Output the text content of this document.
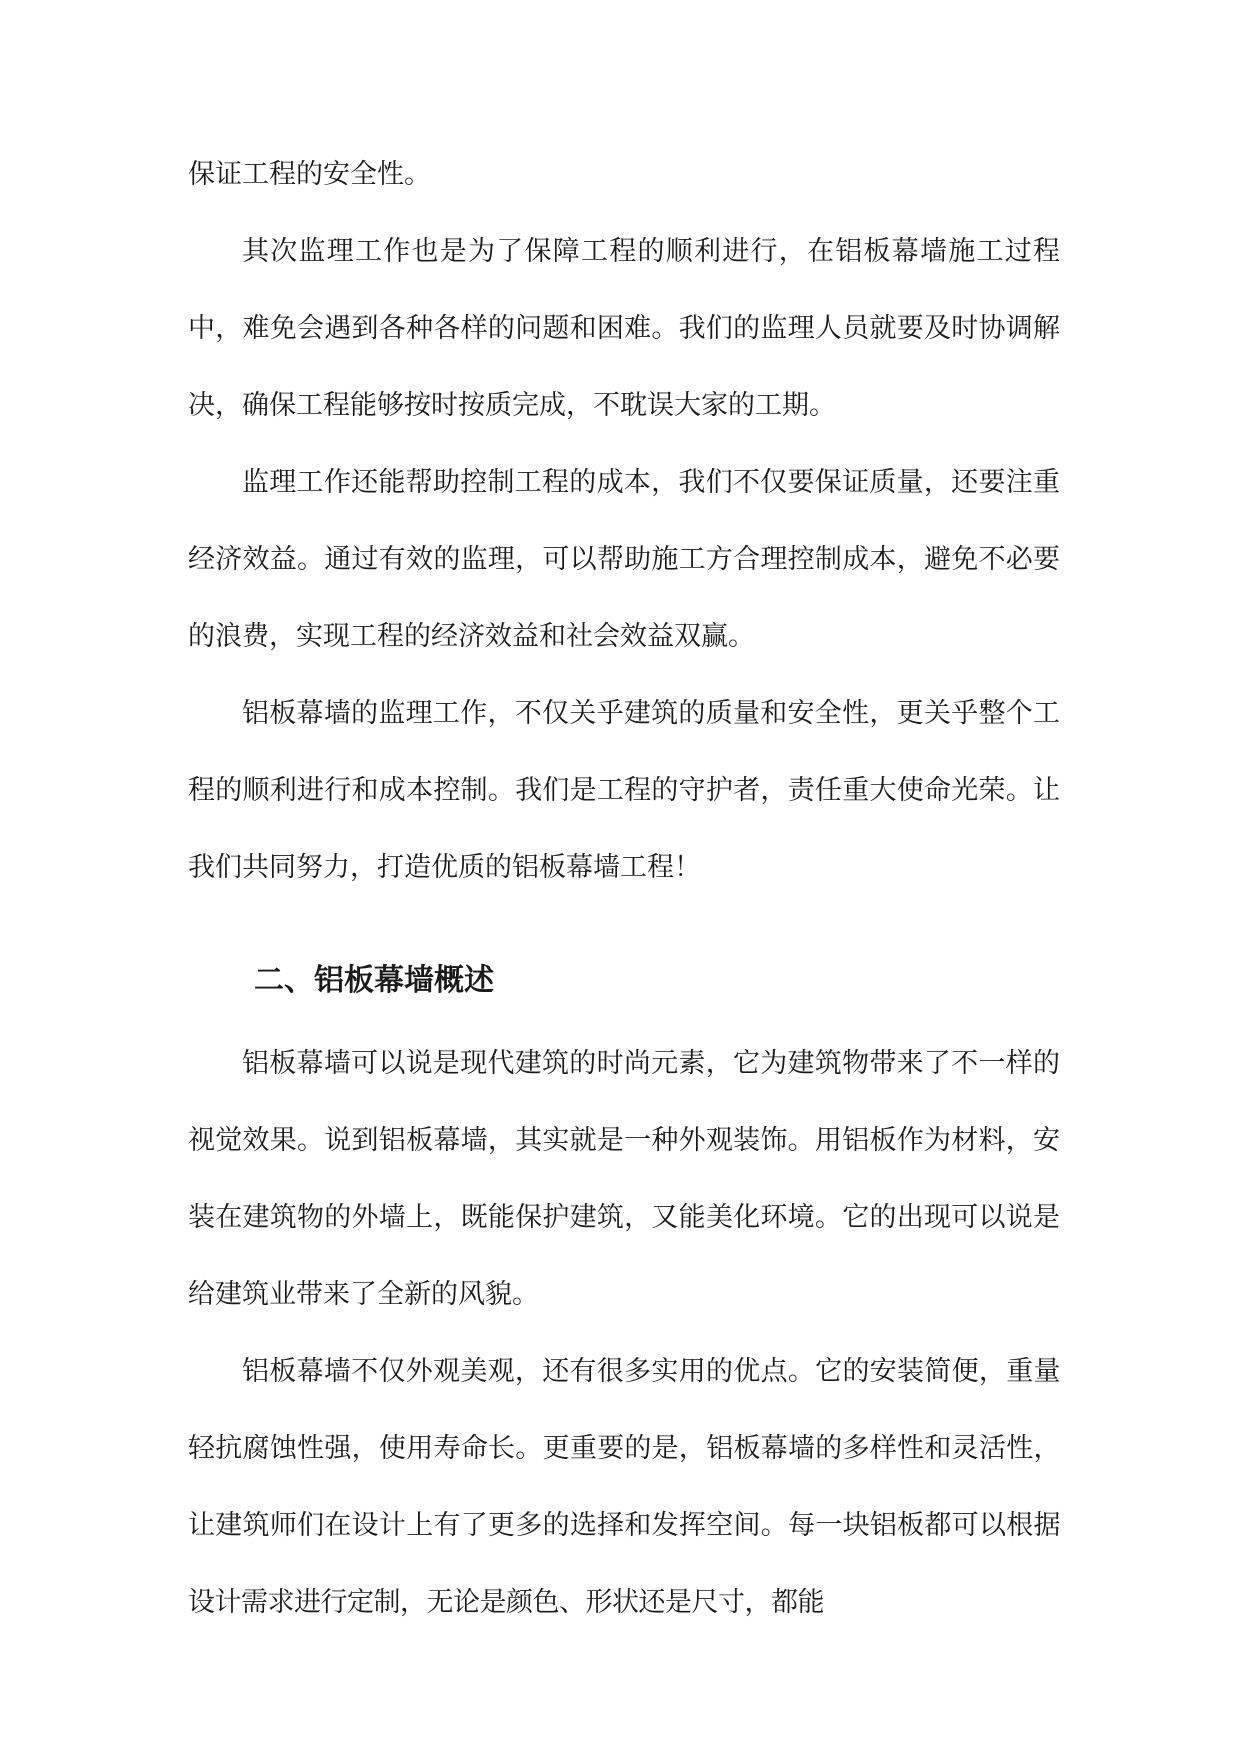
保证工程的安全性。

其次监理工作也是为了保障工程的顺利进行，在铝板幕墙施工过程中，难免会遇到各种各样的问题和困难。我们的监理人员就要及时协调解决，确保工程能够按时按质完成，不耽误大家的工期。

监理工作还能帮助控制工程的成本，我们不仅要保证质量，还要注重经济效益。通过有效的监理，可以帮助施工方合理控制成本，避免不必要的浪费，实现工程的经济效益和社会效益双赢。

铝板幕墙的监理工作，不仅关乎建筑的质量和安全性，更关乎整个工程的顺利进行和成本控制。我们是工程的守护者，责任重大使命光荣。让我们共同努力，打造优质的铝板幕墙工程！

二、铝板幕墙概述

铝板幕墙可以说是现代建筑的时尚元素，它为建筑物带来了不一样的视觉效果。说到铝板幕墙，其实就是一种外观装饰。用铝板作为材料，安装在建筑物的外墙上，既能保护建筑，又能美化环境。它的出现可以说是给建筑业带来了全新的风貌。

铝板幕墙不仅外观美观，还有很多实用的优点。它的安装简便，重量轻抗腐蚀性强，使用寿命长。更重要的是，铝板幕墙的多样性和灵活性，让建筑师们在设计上有了更多的选择和发挥空间。每一块铝板都可以根据设计需求进行定制，无论是颜色、形状还是尺寸，都能
